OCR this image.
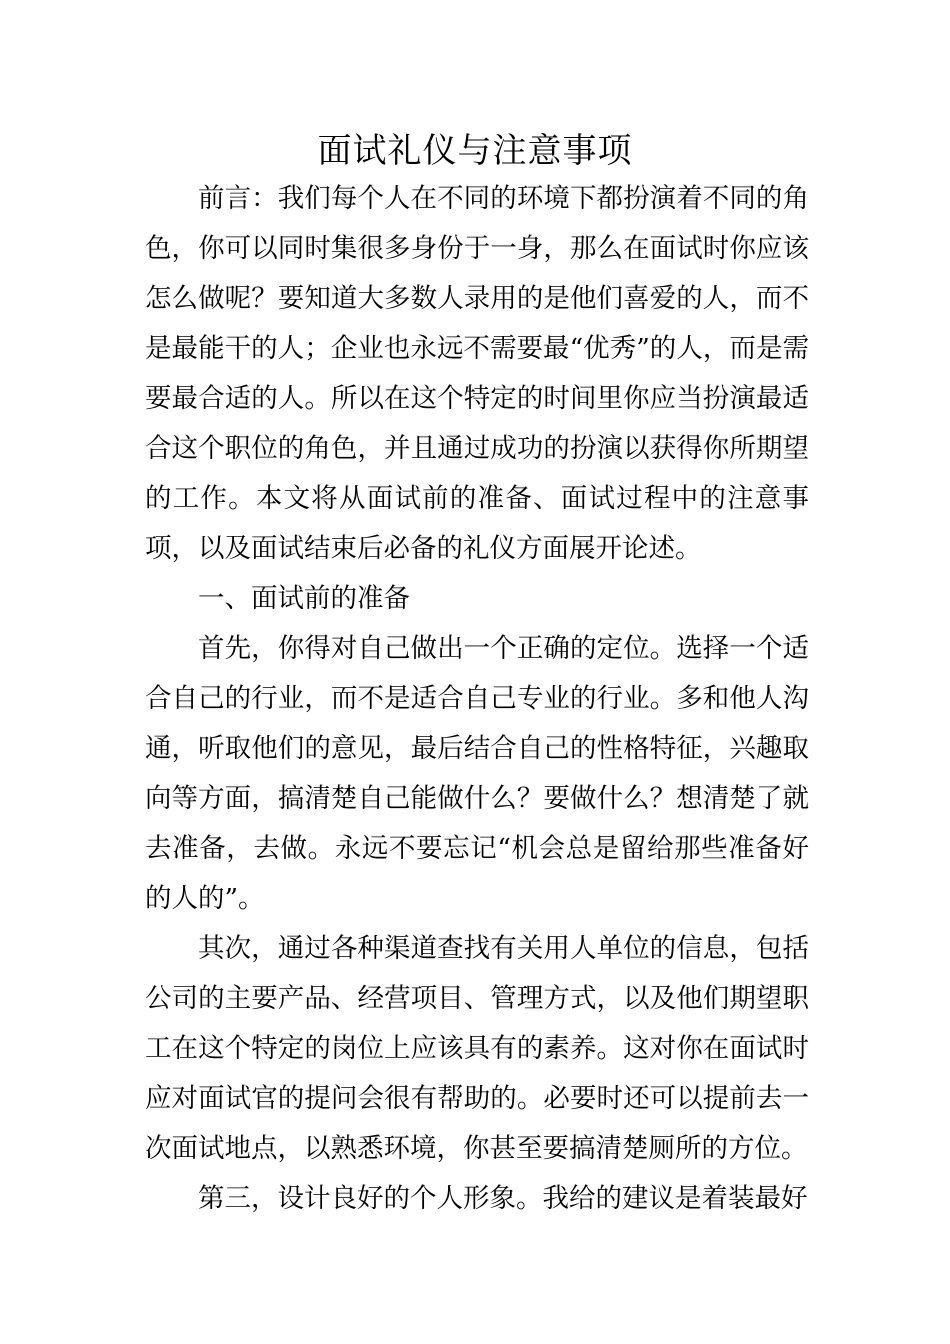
面试礼仪与注意事项

前言：我们每个人在不同的环境下都扮演着不同的角色，你可以同时集很多身份于一身，那么在面试时你应该怎么做呢？要知道大多数人录用的是他们喜爱的人，而不是最能干的人；企业也永远不需要最“优秀”的人，而是需要最合适的人。所以在这个特定的时间里你应当扮演最适合这个职位的角色，并且通过成功的扮演以获得你所期望的工作。本文将从面试前的准备、面试过程中的注意事项，以及面试结束后必备的礼仪方面展开论述。

一、面试前的准备

首先，你得对自己做出一个正确的定位。选择一个适合自己的行业，而不是适合自己专业的行业。多和他人沟通，听取他们的意见，最后结合自己的性格特征，兴趣取向等方面，搞清楚自己能做什么？要做什么？想清楚了就去准备，去做。永远不要忘记“机会总是留给那些准备好的人的”。

其次，通过各种渠道查找有关用人单位的信息，包括公司的主要产品、经营项目、管理方式，以及他们期望职工在这个特定的岗位上应该具有的素养。这对你在面试时应对面试官的提问会很有帮助的。必要时还可以提前去一次面试地点，以熟悉环境，你甚至要搞清楚厕所的方位。

第三，设计良好的个人形象。我给的建议是着装最好
